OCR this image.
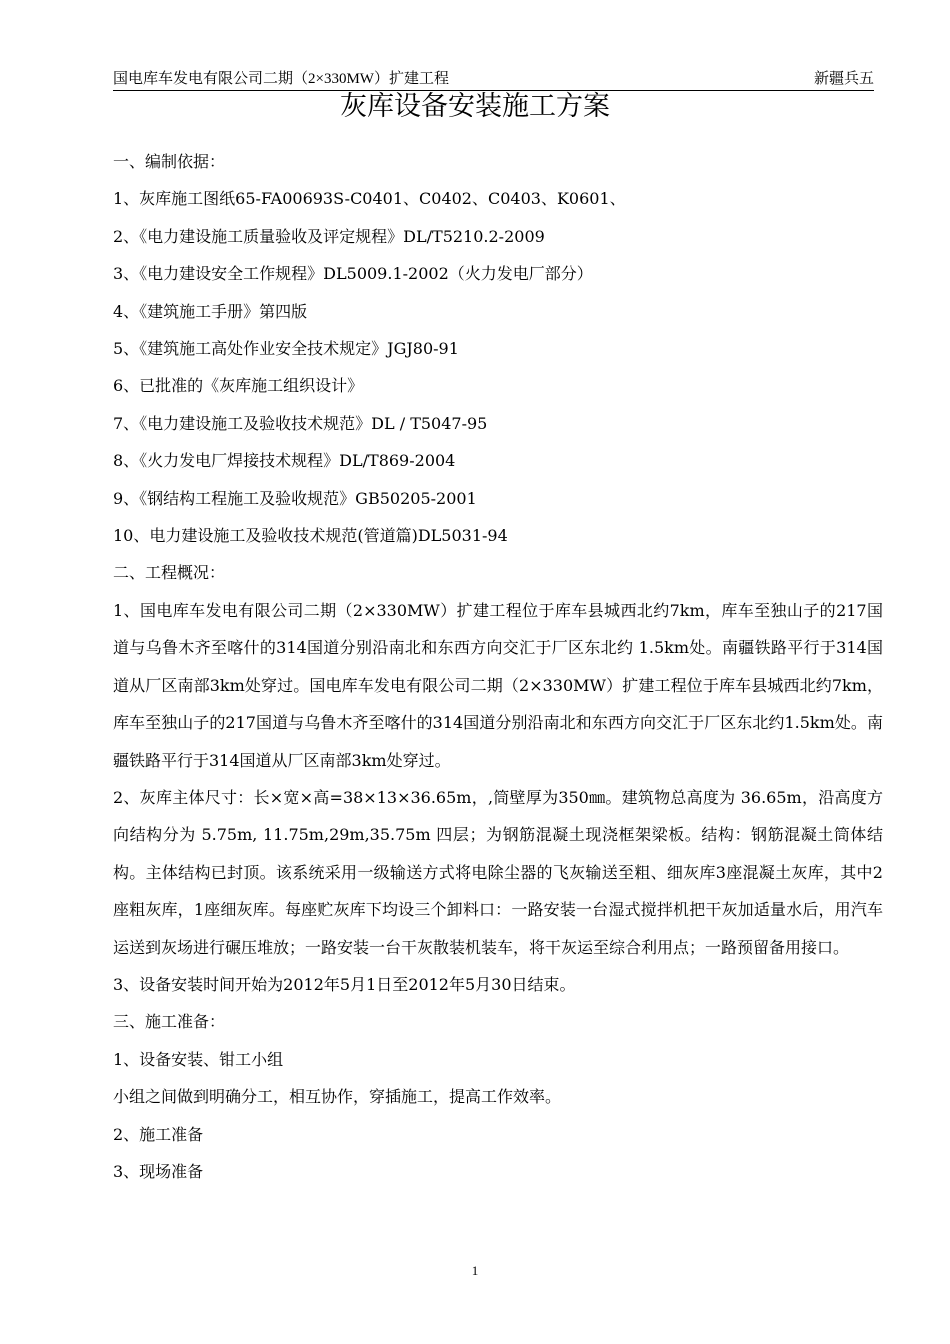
国电库车发电有限公司二期（2×330MW）扩建工程	新疆兵五
灰库设备安装施工方案

一、编制依据：

1、灰库施工图纸65-FA00693S-C0401、C0402、C0403、K0601、

2、《电力建设施工质量验收及评定规程》DL/T5210.2-2009

3、《电力建设安全工作规程》DL5009.1-2002（火力发电厂部分）

4、《建筑施工手册》第四版

5、《建筑施工高处作业安全技术规定》JGJ80-91

6、已批准的《灰库施工组织设计》

7、《电力建设施工及验收技术规范》DL / T5047-95

8、《火力发电厂焊接技术规程》DL/T869-2004

9、《钢结构工程施工及验收规范》GB50205-2001

10、电力建设施工及验收技术规范(管道篇)DL5031-94

二、工程概况：

1、国电库车发电有限公司二期（2×330MW）扩建工程位于库车县城西北约7km，库车至独山子的217国道与乌鲁木齐至喀什的314国道分别沿南北和东西方向交汇于厂区东北约 1.5km处。南疆铁路平行于314国道从厂区南部3km处穿过。国电库车发电有限公司二期（2×330MW）扩建工程位于库车县城西北约7km，库车至独山子的217国道与乌鲁木齐至喀什的314国道分别沿南北和东西方向交汇于厂区东北约1.5km处。南疆铁路平行于314国道从厂区南部3km处穿过。

2、灰库主体尺寸：长×宽×高=38×13×36.65m，,筒壁厚为350㎜。建筑物总高度为 36.65m，沿高度方向结构分为 5.75m, 11.75m,29m,35.75m 四层；为钢筋混凝土现浇框架梁板。结构：钢筋混凝土筒体结构。主体结构已封顶。该系统采用一级输送方式将电除尘器的飞灰输送至粗、细灰库3座混凝土灰库，其中2座粗灰库，1座细灰库。每座贮灰库下均设三个卸料口：一路安装一台湿式搅拌机把干灰加适量水后，用汽车运送到灰场进行碾压堆放；一路安装一台干灰散装机装车，将干灰运至综合利用点；一路预留备用接口。

3、设备安装时间开始为2012年5月1日至2012年5月30日结束。

三、施工准备：

1、设备安装、钳工小组

小组之间做到明确分工，相互协作，穿插施工，提高工作效率。

2、施工准备

3、现场准备

1
